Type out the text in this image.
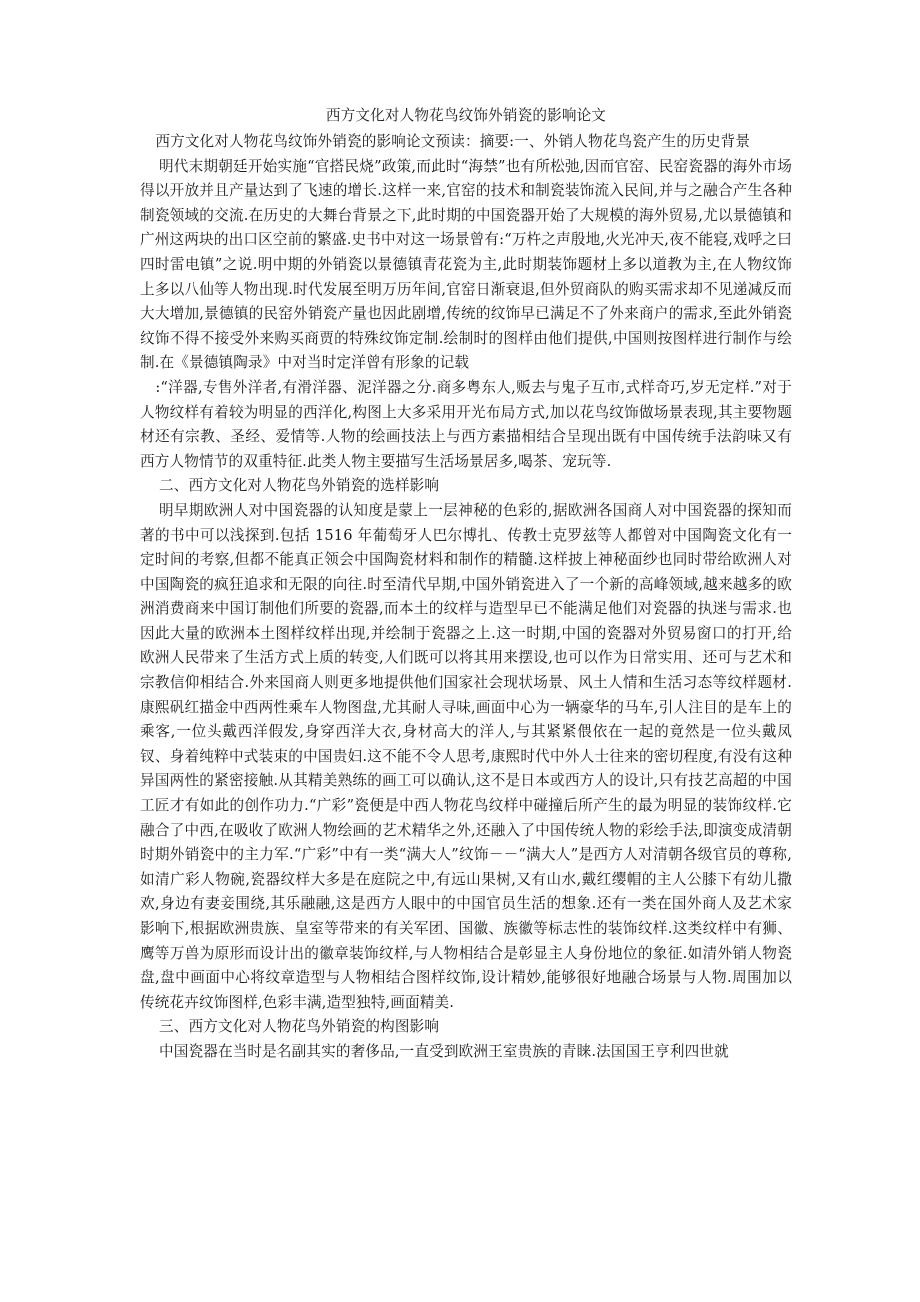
西方文化对人物花鸟纹饰外销瓷的影响论文

西方文化对人物花鸟纹饰外销瓷的影响论文预读：摘要:一、外销人物花鸟瓷产生的历史背景

明代末期朝廷开始实施“官搭民烧”政策,而此时“海禁”也有所松弛,因而官窑、民窑瓷器的海外市场得以开放并且产量达到了飞速的增长.这样一来,官窑的技术和制瓷装饰流入民间,并与之融合产生各种制瓷领域的交流.在历史的大舞台背景之下,此时期的中国瓷器开始了大规模的海外贸易,尤以景德镇和广州这两块的出口区空前的繁盛.史书中对这一场景曾有:“万杵之声殷地,火光冲天,夜不能寝,戏呼之曰四时雷电镇”之说.明中期的外销瓷以景德镇青花瓷为主,此时期装饰题材上多以道教为主,在人物纹饰上多以八仙等人物出现.时代发展至明万历年间,官窑日渐衰退,但外贸商队的购买需求却不见递减反而大大增加,景德镇的民窑外销瓷产量也因此剧增,传统的纹饰早已满足不了外来商户的需求,至此外销瓷纹饰不得不接受外来购买商贾的特殊纹饰定制.绘制时的图样由他们提供,中国则按图样进行制作与绘制.在《景德镇陶录》中对当时定洋曾有形象的记载

:“洋器,专售外洋者,有滑洋器、泥洋器之分.商多粤东人,贩去与鬼子互市,式样奇巧,岁无定样.”对于人物纹样有着较为明显的西洋化,构图上大多采用开光布局方式,加以花鸟纹饰做场景表现,其主要物题材还有宗教、圣经、爱情等.人物的绘画技法上与西方素描相结合呈现出既有中国传统手法韵味又有西方人物情节的双重特征.此类人物主要描写生活场景居多,喝茶、宠玩等.

二、西方文化对人物花鸟外销瓷的选样影响

明早期欧洲人对中国瓷器的认知度是蒙上一层神秘的色彩的,据欧洲各国商人对中国瓷器的探知而著的书中可以浅探到.包括 1516 年葡萄牙人巴尔博扎、传教士克罗兹等人都曾对中国陶瓷文化有一定时间的考察,但都不能真正领会中国陶瓷材料和制作的精髓.这样披上神秘面纱也同时带给欧洲人对中国陶瓷的疯狂追求和无限的向往.时至清代早期,中国外销瓷进入了一个新的高峰领域,越来越多的欧洲消费商来中国订制他们所要的瓷器,而本土的纹样与造型早已不能满足他们对瓷器的执迷与需求.也因此大量的欧洲本土图样纹样出现,并绘制于瓷器之上.这一时期,中国的瓷器对外贸易窗口的打开,给欧洲人民带来了生活方式上质的转变,人们既可以将其用来摆设,也可以作为日常实用、还可与艺术和宗教信仰相结合.外来国商人则更多地提供他们国家社会现状场景、风土人情和生活习态等纹样题材.康熙矾红描金中西两性乘车人物图盘,尤其耐人寻味,画面中心为一辆豪华的马车,引人注目的是车上的乘客,一位头戴西洋假发,身穿西洋大衣,身材高大的洋人,与其紧紧偎依在一起的竟然是一位头戴凤钗、身着纯粹中式装束的中国贵妇.这不能不令人思考,康熙时代中外人士往来的密切程度,有没有这种异国两性的紧密接触.从其精美熟练的画工可以确认,这不是日本或西方人的设计,只有技艺高超的中国工匠才有如此的创作功力.“广彩”瓷便是中西人物花鸟纹样中碰撞后所产生的最为明显的装饰纹样.它融合了中西,在吸收了欧洲人物绘画的艺术精华之外,还融入了中国传统人物的彩绘手法,即演变成清朝时期外销瓷中的主力军.“广彩”中有一类“满大人”纹饰－－“满大人”是西方人对清朝各级官员的尊称,如清广彩人物碗,瓷器纹样大多是在庭院之中,有远山果树,又有山水,戴红缨帽的主人公膝下有幼儿撒欢,身边有妻妾围绕,其乐融融,这是西方人眼中的中国官员生活的想象.还有一类在国外商人及艺术家影响下,根据欧洲贵族、皇室等带来的有关军团、国徽、族徽等标志性的装饰纹样.这类纹样中有狮、鹰等万兽为原形而设计出的徽章装饰纹样,与人物相结合是彰显主人身份地位的象征.如清外销人物瓷盘,盘中画面中心将纹章造型与人物相结合图样纹饰,设计精妙,能够很好地融合场景与人物.周围加以传统花卉纹饰图样,色彩丰满,造型独特,画面精美.

三、西方文化对人物花鸟外销瓷的构图影响

中国瓷器在当时是名副其实的奢侈品,一直受到欧洲王室贵族的青睐.法国国王亨利四世就
